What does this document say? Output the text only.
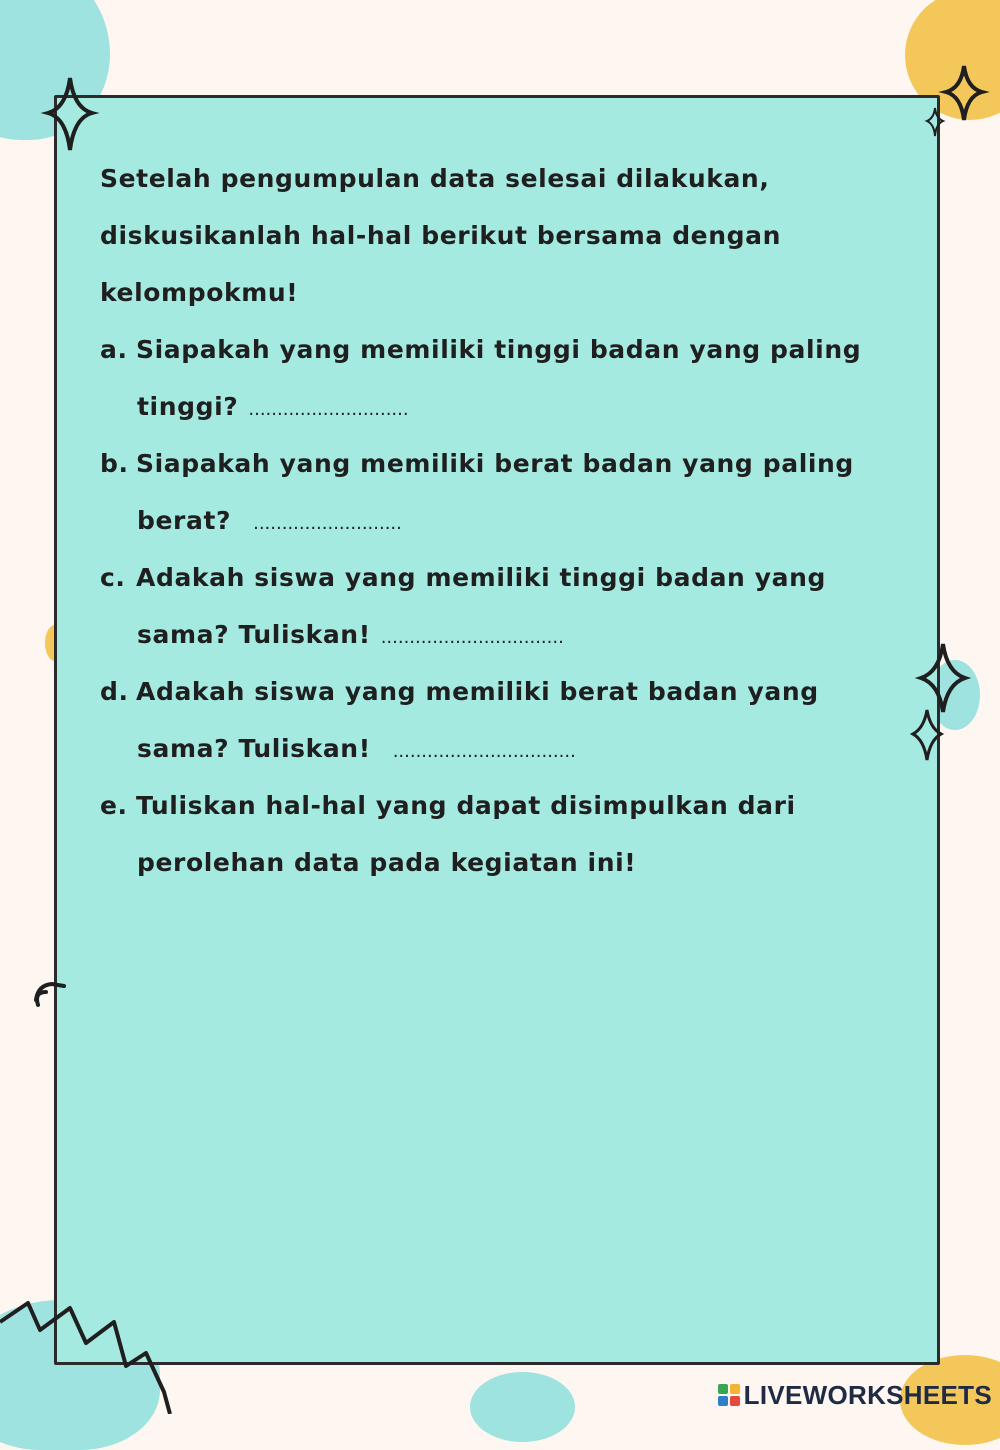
Setelah pengumpulan data selesai dilakukan,
diskusikanlah hal-hal berikut bersama dengan
kelompokmu!
a. Siapakah yang memiliki tinggi badan yang paling
tinggi? ............................
b. Siapakah yang memiliki berat badan yang paling
berat? ..........................
c. Adakah siswa yang memiliki tinggi badan yang
sama? Tuliskan! ................................
d. Adakah siswa yang memiliki berat badan yang
sama? Tuliskan! ................................
e. Tuliskan hal-hal yang dapat disimpulkan dari
perolehan data pada kegiatan ini!
LIVEWORKSHEETS
